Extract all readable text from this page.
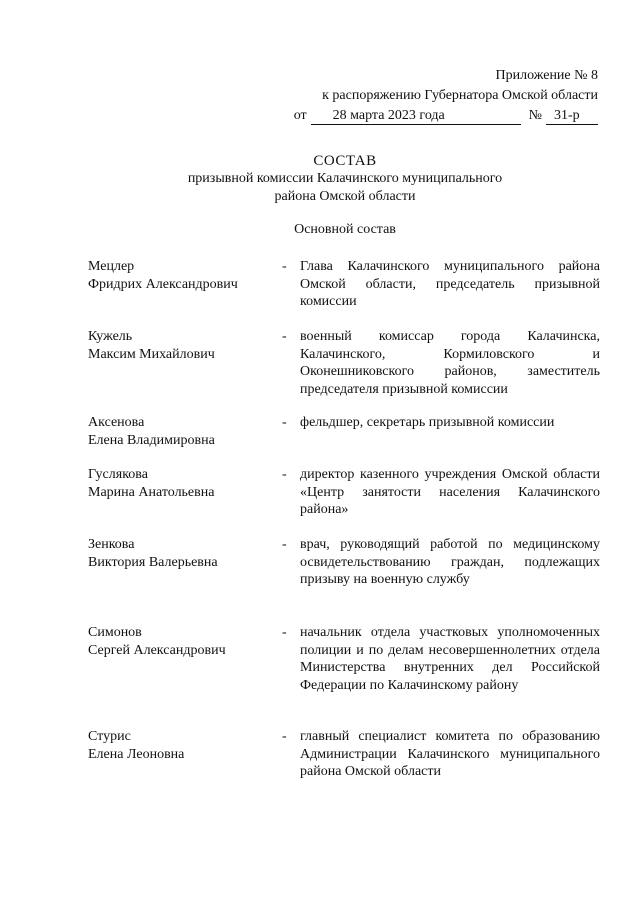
Приложение № 8
к распоряжению Губернатора Омской области
от	28 марта 2023 года	№ 31-р
СОСТАВ
призывной комиссии Калачинского муниципального
района Омской области
Основной состав
Мецлер
Фридрих Александрович
- Глава Калачинского муниципального района Омской области, председатель призывной комиссии
Кужель
Максим Михайлович
- военный комиссар города Калачинска, Калачинского, Кормиловского и Оконешниковского районов, заместитель председателя призывной комиссии
Аксенова
Елена Владимировна
- фельдшер, секретарь призывной комиссии
Гуслякова
Марина Анатольевна
- директор казенного учреждения Омской области «Центр занятости населения Калачинского района»
Зенкова
Виктория Валерьевна
- врач, руководящий работой по медицинскому освидетельствованию граждан, подлежащих призыву на военную службу
Симонов
Сергей Александрович
- начальник отдела участковых уполномоченных полиции и по делам несовершеннолетних отдела Министерства внутренних дел Российской Федерации по Калачинскому району
Стурис
Елена Леоновна
- главный специалист комитета по образованию Администрации Калачинского муниципального района Омской области
